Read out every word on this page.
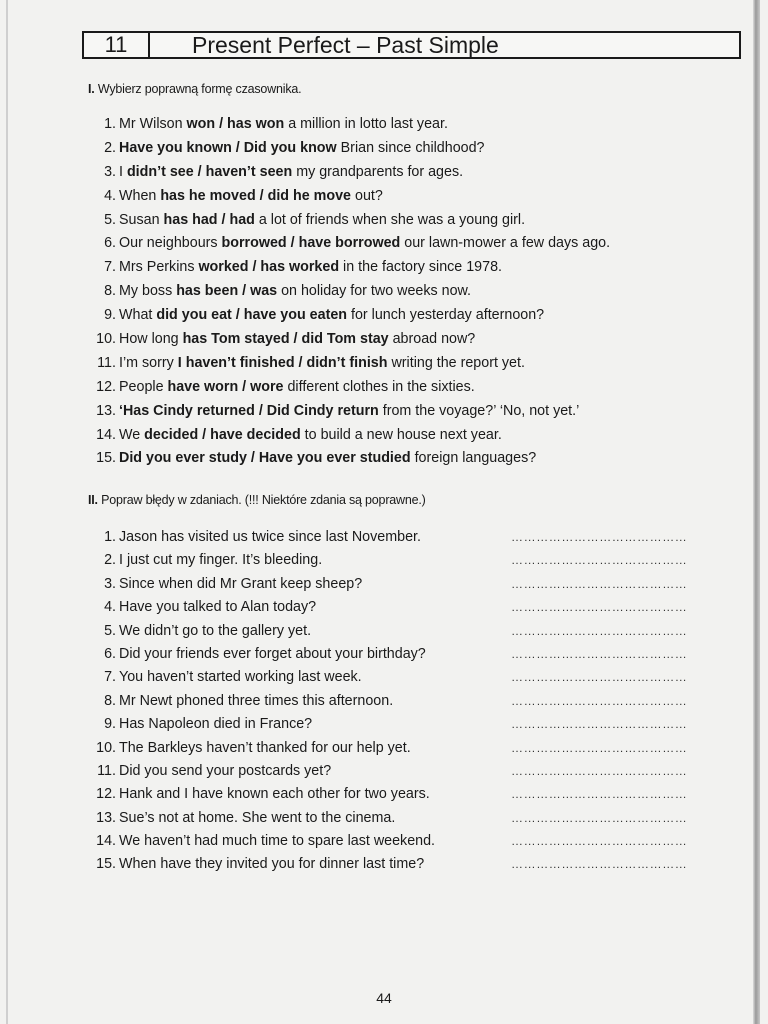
11	Present Perfect – Past Simple
I. Wybierz poprawną formę czasownika.
1. Mr Wilson won / has won a million in lotto last year.
2. Have you known / Did you know Brian since childhood?
3. I didn’t see / haven’t seen my grandparents for ages.
4. When has he moved / did he move out?
5. Susan has had / had a lot of friends when she was a young girl.
6. Our neighbours borrowed / have borrowed our lawn-mower a few days ago.
7. Mrs Perkins worked / has worked in the factory since 1978.
8. My boss has been / was on holiday for two weeks now.
9. What did you eat / have you eaten for lunch yesterday afternoon?
10. How long has Tom stayed / did Tom stay abroad now?
11. I’m sorry I haven’t finished / didn’t finish writing the report yet.
12. People have worn / wore different clothes in the sixties.
13. ‘Has Cindy returned / Did Cindy return from the voyage?’ ‘No, not yet.’
14. We decided / have decided to build a new house next year.
15. Did you ever study / Have you ever studied foreign languages?
II. Popraw błędy w zdaniach. (!!! Niektóre zdania są poprawne.)
1. Jason has visited us twice since last November.	……………………………………
2. I just cut my finger. It’s bleeding.	……………………………………
3. Since when did Mr Grant keep sheep?	……………………………………
4. Have you talked to Alan today?	……………………………………
5. We didn’t go to the gallery yet.	……………………………………
6. Did your friends ever forget about your birthday?	……………………………………
7. You haven’t started working last week.	……………………………………
8. Mr Newt phoned three times this afternoon.	……………………………………
9. Has Napoleon died in France?	……………………………………
10. The Barkleys haven’t thanked for our help yet.	……………………………………
11. Did you send your postcards yet?	……………………………………
12. Hank and I have known each other for two years.	……………………………………
13. Sue’s not at home. She went to the cinema.	……………………………………
14. We haven’t had much time to spare last weekend.	……………………………………
15. When have they invited you for dinner last time?	……………………………………
44
